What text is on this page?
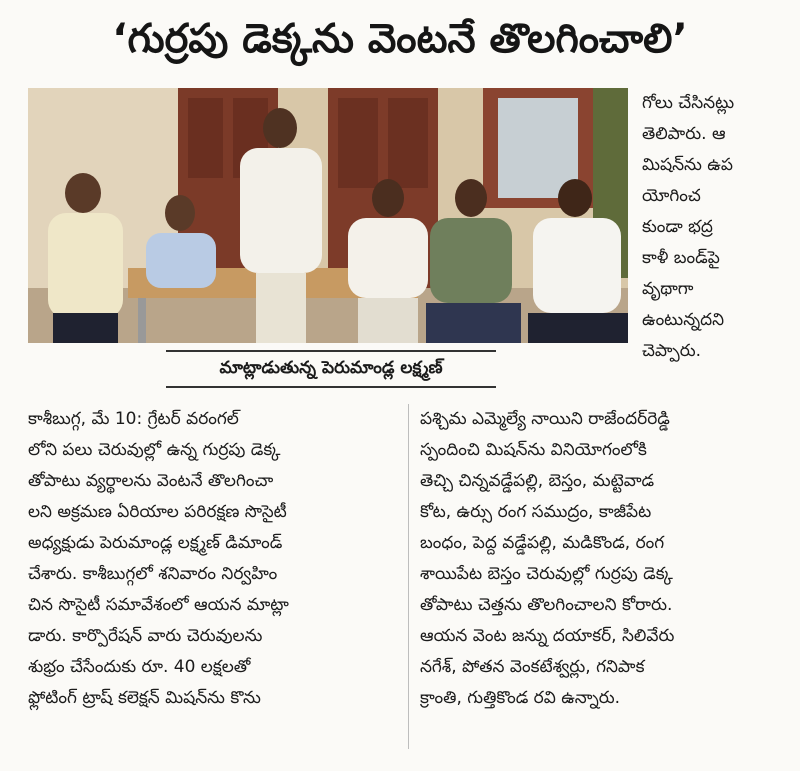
‘గుర్రపు డెక్కను వెంటనే తొలగించాలి’
మాట్లాడుతున్న పెరుమాండ్ల లక్ష్మణ్
గోలు చేసినట్లు
తెలిపారు. ఆ
మిషన్‌ను ఉప
యోగించ
కుండా భద్ర
కాళీ బండ్‌పై
వృథాగా
ఉంటున్నదని
చెప్పారు.
కాశీబుగ్గ, మే 10: గ్రేటర్ వరంగల్
లోని పలు చెరువుల్లో ఉన్న గుర్రపు డెక్క
తోపాటు వ్యర్థాలను వెంటనే తొలగించా
లని అక్రమణ ఏరియాల పరిరక్షణ సొసైటీ
అధ్యక్షుడు పెరుమాండ్ల లక్ష్మణ్ డిమాండ్
చేశారు. కాశీబుగ్గలో శనివారం నిర్వహిం
చిన సొసైటీ సమావేశంలో ఆయన మాట్లా
డారు. కార్పొరేషన్ వారు చెరువులను
శుభ్రం చేసేందుకు రూ. 40 లక్షలతో
ఫ్లోటింగ్ ట్రాష్ కలెక్షన్ మిషన్‌ను కొను
పశ్చిమ ఎమ్మెల్యే నాయిని రాజేందర్‌రెడ్డి
స్పందించి మిషన్‌ను వినియోగంలోకి
తెచ్చి చిన్నవడ్డేపల్లి, బెస్తం, మట్టెవాడ
కోట, ఉర్సు రంగ సముద్రం, కాజీపేట
బంధం, పెద్ద వడ్డేపల్లి, మడికొండ, రంగ
శాయిపేట బెస్తం చెరువుల్లో గుర్రపు డెక్క
తోపాటు చెత్తను తొలగించాలని కోరారు.
ఆయన వెంట జన్ను దయాకర్, సిలివేరు
నగేశ్, పోతన వెంకటేశ్వర్లు, గనిపాక
క్రాంతి, గుత్తికొండ రవి ఉన్నారు.
